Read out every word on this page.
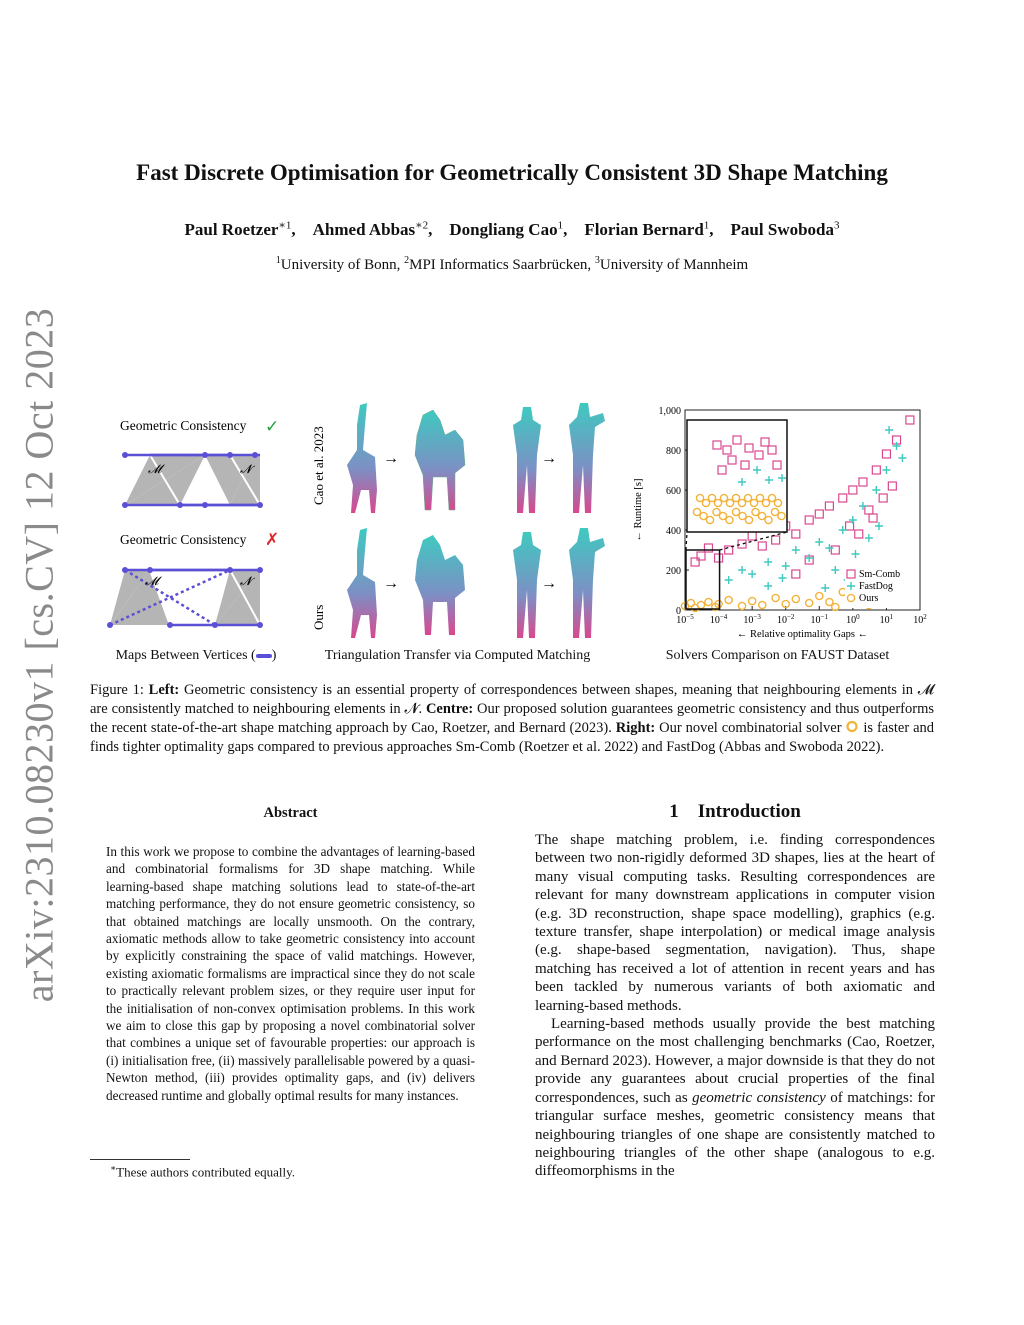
arXiv:2310.08230v1 [cs.CV] 12 Oct 2023
Fast Discrete Optimisation for Geometrically Consistent 3D Shape Matching
Paul Roetzer$^{∗1}$, Ahmed Abbas$^{∗2}$, Dongliang Cao$^1$, Florian Bernard$^1$, Paul Swoboda$^3$
$^1$University of Bonn, $^2$MPI Informatics Saarbrücken, $^3$University of Mannheim
Geometric Consistency ✓
𝓜	𝓝
Geometric Consistency ✗
𝓜	𝓝
Maps Between Vertices ( )
Cao et al. 2023
Ours
→	→
→	→
Triangulation Transfer via Computed Matching
0
200
400
600
800
1,000
$10^{-5}$ $10^{-4}$ $10^{-3}$ $10^{-2}$ $10^{-1}$ $10^0$ $10^1$ $10^2$
← Relative optimality Gaps ←
← Runtime [s]
Sm-Comb
FastDog
Ours
Solvers Comparison on FAUST Dataset
Figure 1: Left: Geometric consistency is an essential property of correspondences between shapes, meaning that neighbouring elements in 𝓜 are consistently matched to neighbouring elements in 𝓝. Centre: Our proposed solution guarantees geometric consistency and thus outperforms the recent state-of-the-art shape matching approach by Cao, Roetzer, and Bernard (2023). Right: Our novel combinatorial solver  is faster and finds tighter optimality gaps compared to previous approaches Sm-Comb (Roetzer et al. 2022) and FastDog (Abbas and Swoboda 2022).
Abstract
In this work we propose to combine the advantages of learning-based and combinatorial formalisms for 3D shape matching. While learning-based shape matching solutions lead to state-of-the-art matching performance, they do not ensure geometric consistency, so that obtained matchings are locally unsmooth. On the contrary, axiomatic methods allow to take geometric consistency into account by explicitly constraining the space of valid matchings. However, existing axiomatic formalisms are impractical since they do not scale to practically relevant problem sizes, or they require user input for the initialisation of non-convex optimisation problems. In this work we aim to close this gap by proposing a novel combinatorial solver that combines a unique set of favourable properties: our approach is (i) initialisation free, (ii) massively parallelisable powered by a quasi-Newton method, (iii) provides optimality gaps, and (iv) delivers decreased runtime and globally optimal results for many instances.
∗These authors contributed equally.
1 Introduction

The shape matching problem, i.e. finding correspondences between two non-rigidly deformed 3D shapes, lies at the heart of many visual computing tasks. Resulting correspondences are relevant for many downstream applications in computer vision (e.g. 3D reconstruction, shape space modelling), graphics (e.g. texture transfer, shape interpolation) or medical image analysis (e.g. shape-based segmentation, navigation). Thus, shape matching has received a lot of attention in recent years and has been tackled by numerous variants of both axiomatic and learning-based methods.

Learning-based methods usually provide the best matching performance on the most challenging benchmarks (Cao, Roetzer, and Bernard 2023). However, a major downside is that they do not provide any guarantees about crucial properties of the final correspondences, such as geometric consistency of matchings: for triangular surface meshes, geometric consistency means that neighbouring triangles of one shape are consistently matched to neighbouring triangles of the other shape (analogous to e.g. diffeomorphisms in the
